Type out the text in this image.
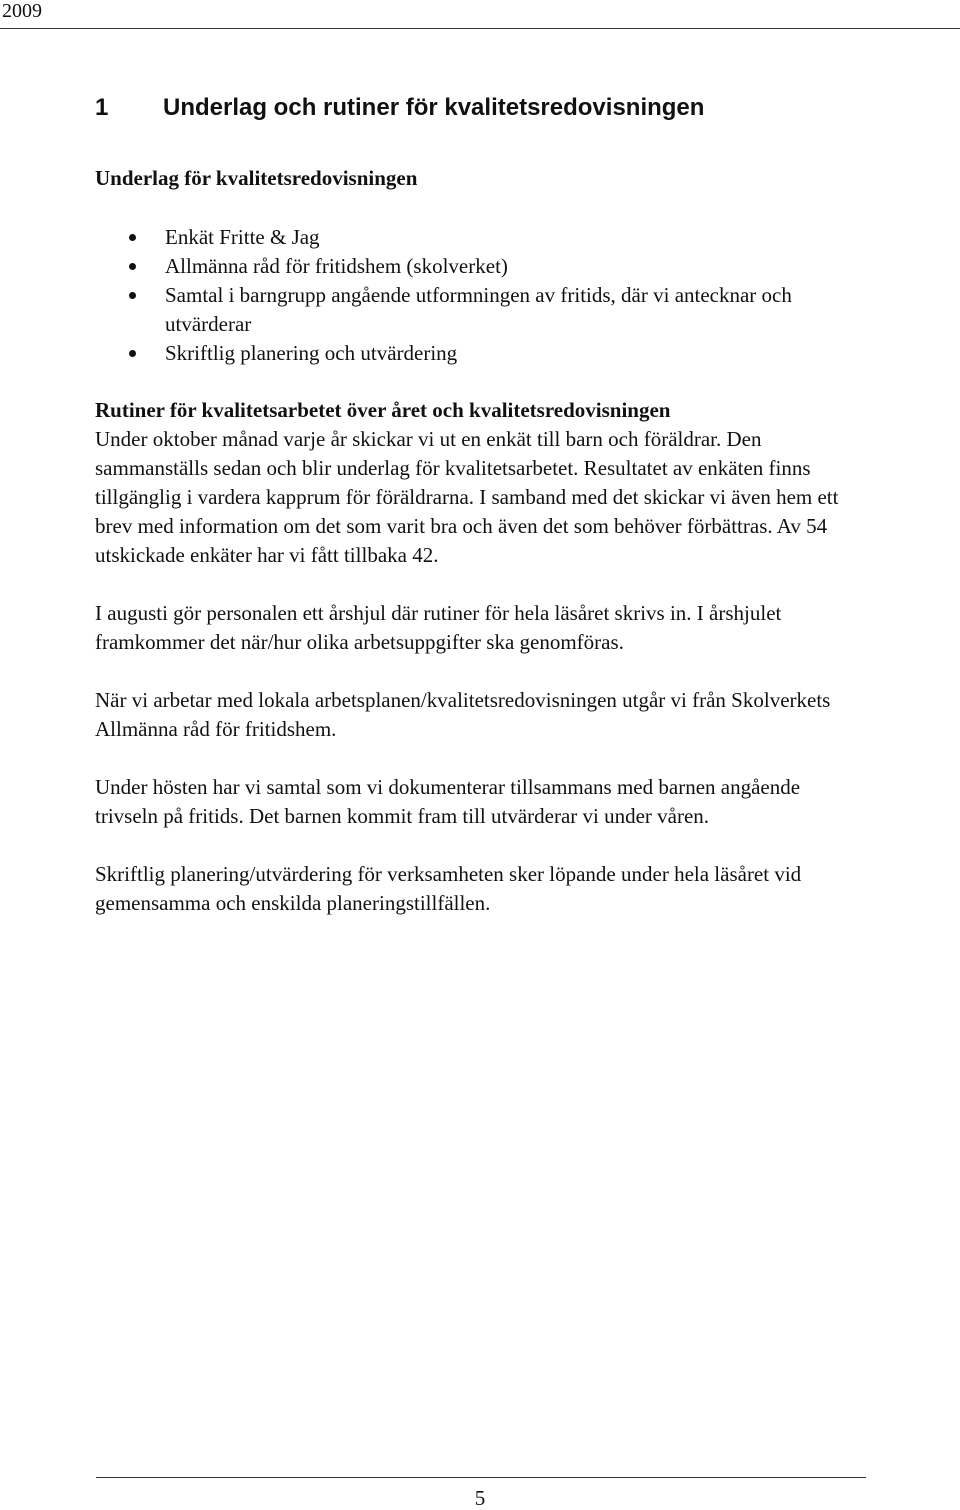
2009
1	Underlag och rutiner för kvalitetsredovisningen
Underlag för kvalitetsredovisningen
Enkät Fritte & Jag
Allmänna råd för fritidshem (skolverket)
Samtal i barngrupp angående utformningen av fritids, där vi antecknar och utvärderar
Skriftlig planering och utvärdering
Rutiner för kvalitetsarbetet över året och kvalitetsredovisningen

Under oktober månad varje år skickar vi ut en enkät till barn och föräldrar. Den sammanställs sedan och blir underlag för kvalitetsarbetet. Resultatet av enkäten finns tillgänglig i vardera kapprum för föräldrarna. I samband med det skickar vi även hem ett brev med information om det som varit bra och även det som behöver förbättras. Av 54 utskickade enkäter har vi fått tillbaka 42.

I augusti gör personalen ett årshjul där rutiner för hela läsåret skrivs in. I årshjulet framkommer det när/hur olika arbetsuppgifter ska genomföras.

När vi arbetar med lokala arbetsplanen/kvalitetsredovisningen utgår vi från Skolverkets Allmänna råd för fritidshem.

Under hösten har vi samtal som vi dokumenterar tillsammans med barnen angående trivseln på fritids. Det barnen kommit fram till utvärderar vi under våren.

Skriftlig planering/utvärdering för verksamheten sker löpande under hela läsåret vid gemensamma och enskilda planeringstillfällen.

5
